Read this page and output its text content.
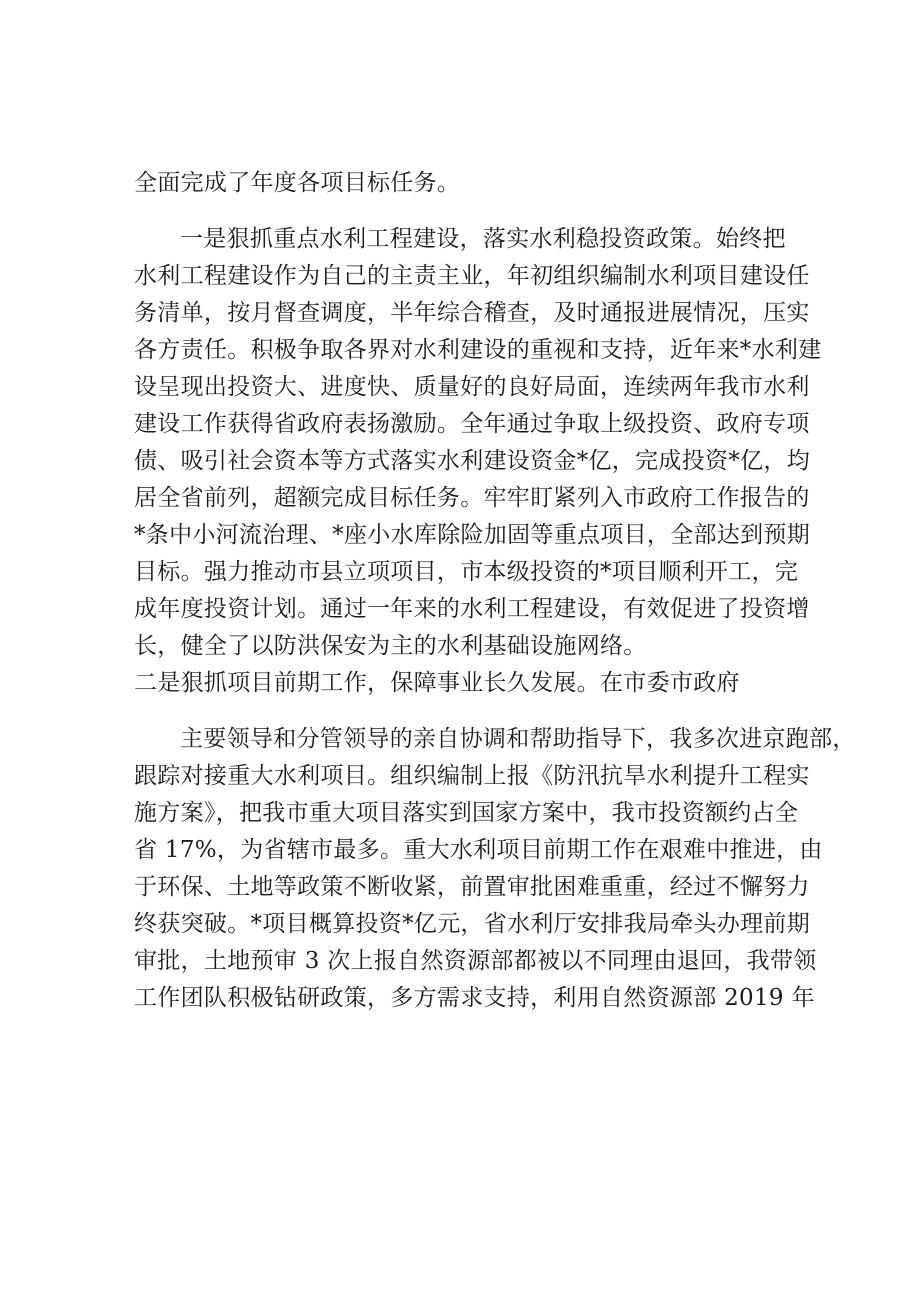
全面完成了年度各项目标任务。
一是狠抓重点水利工程建设，落实水利稳投资政策。始终把
水利工程建设作为自己的主责主业，年初组织编制水利项目建设任
务清单，按月督查调度，半年综合稽查，及时通报进展情况，压实
各方责任。积极争取各界对水利建设的重视和支持，近年来*水利建
设呈现出投资大、进度快、质量好的良好局面，连续两年我市水利
建设工作获得省政府表扬激励。全年通过争取上级投资、政府专项
债、吸引社会资本等方式落实水利建设资金*亿，完成投资*亿，均
居全省前列，超额完成目标任务。牢牢盯紧列入市政府工作报告的
*条中小河流治理、*座小水库除险加固等重点项目，全部达到预期
目标。强力推动市县立项项目，市本级投资的*项目顺利开工，完
成年度投资计划。通过一年来的水利工程建设，有效促进了投资增
长，健全了以防洪保安为主的水利基础设施网络。
二是狠抓项目前期工作，保障事业长久发展。在市委市政府
主要领导和分管领导的亲自协调和帮助指导下，我多次进京跑部，
跟踪对接重大水利项目。组织编制上报《防汛抗旱水利提升工程实
施方案》，把我市重大项目落实到国家方案中，我市投资额约占全
省 17%，为省辖市最多。重大水利项目前期工作在艰难中推进，由
于环保、土地等政策不断收紧，前置审批困难重重，经过不懈努力
终获突破。*项目概算投资*亿元，省水利厅安排我局牵头办理前期
审批，土地预审 3 次上报自然资源部都被以不同理由退回，我带领
工作团队积极钻研政策，多方需求支持，利用自然资源部 2019 年
